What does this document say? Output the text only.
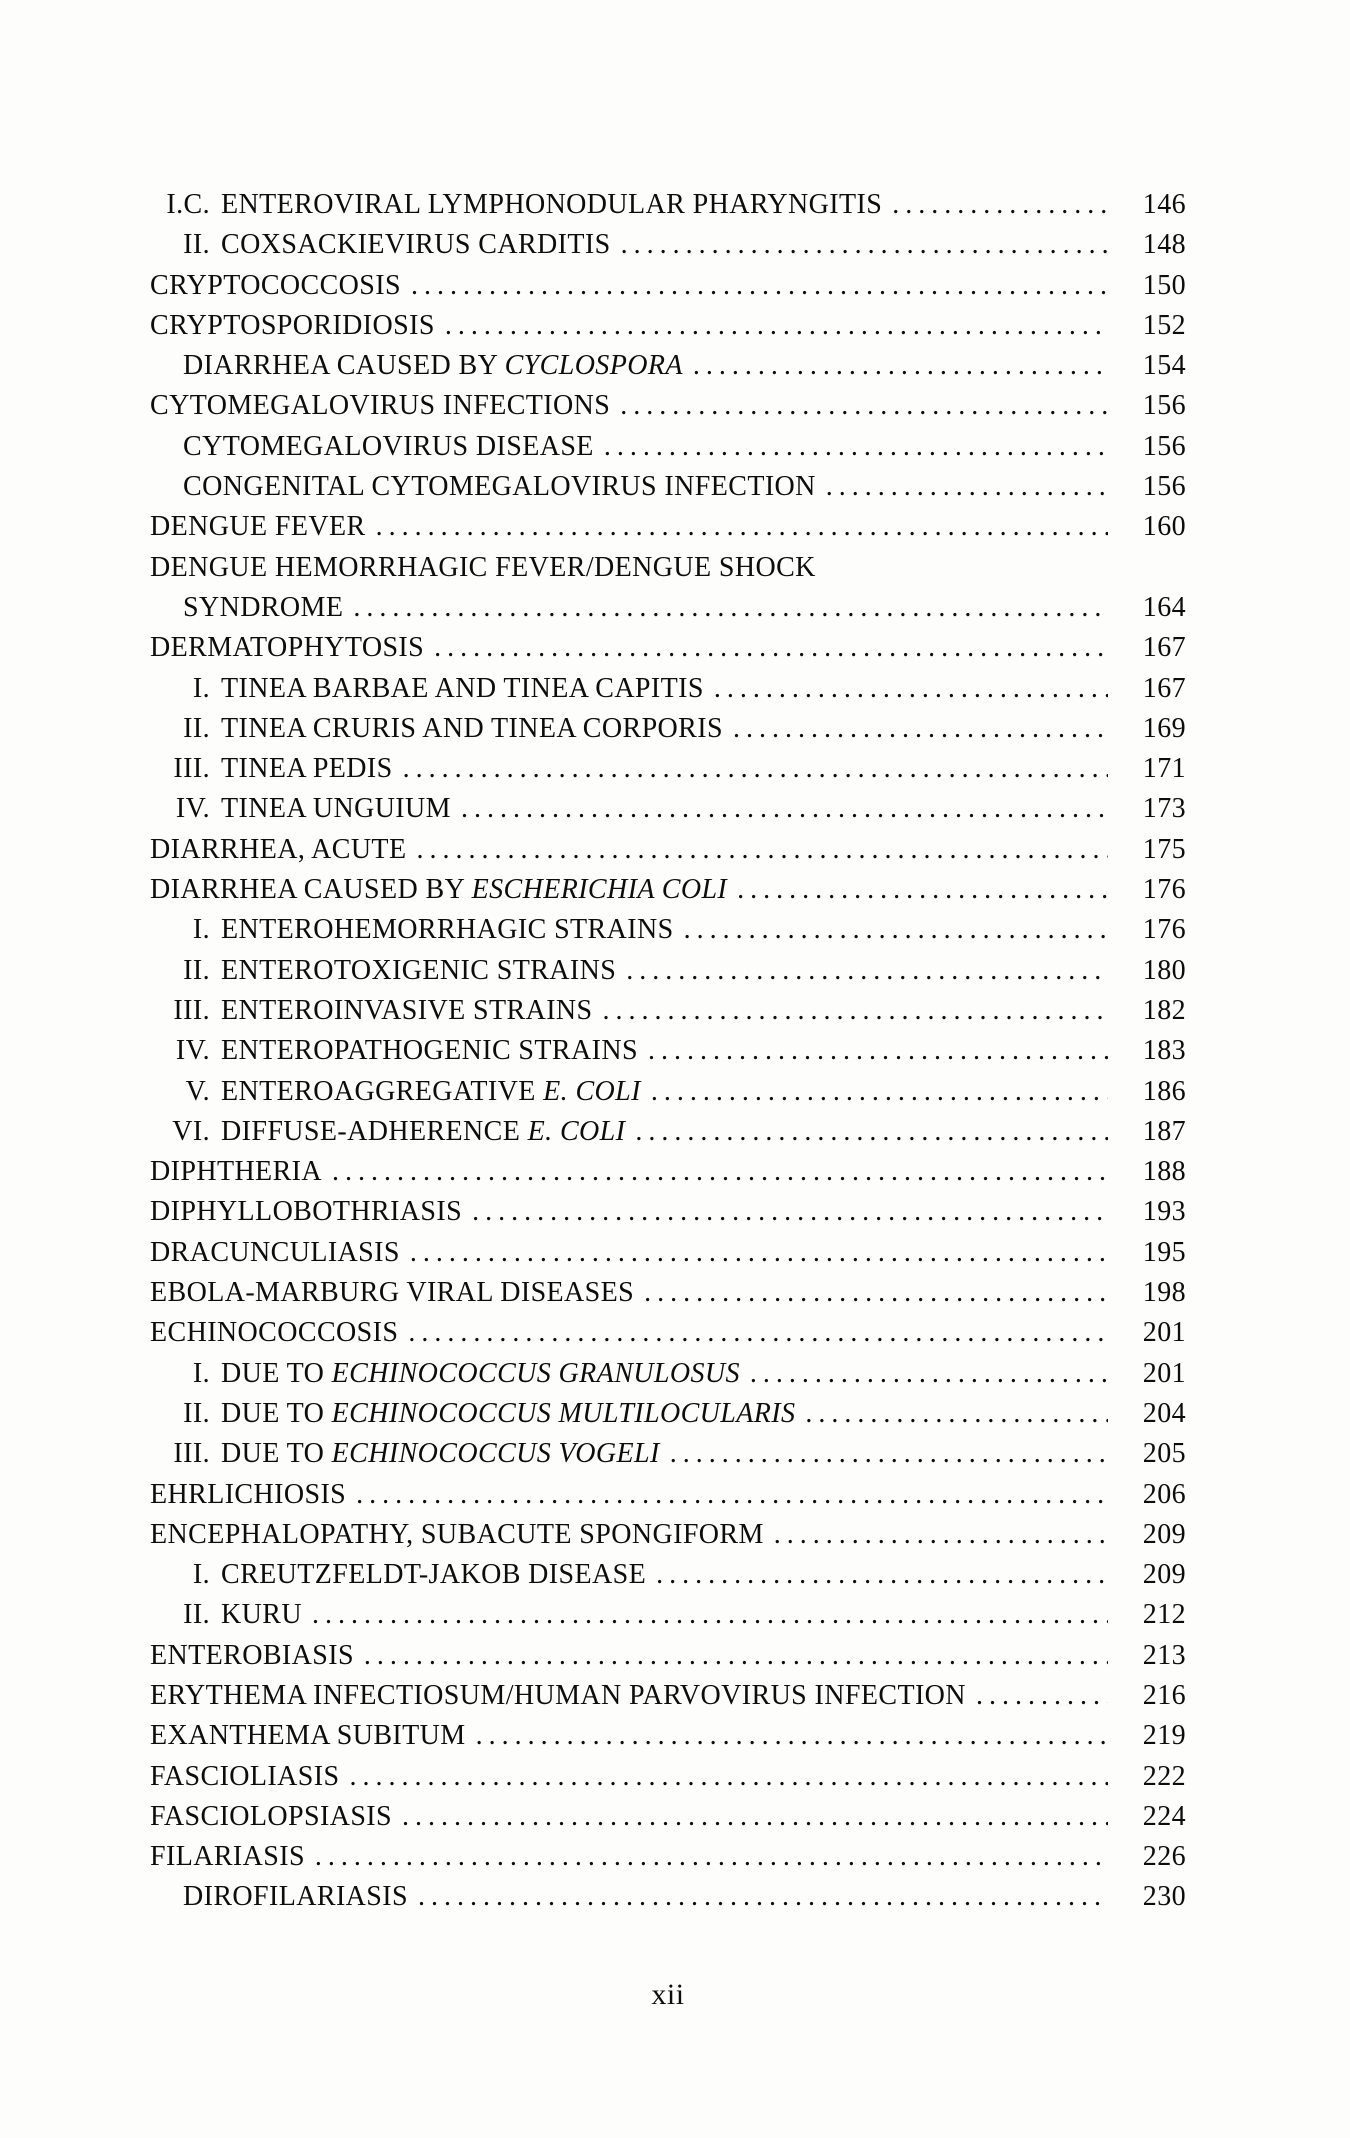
I.C. ENTEROVIRAL LYMPHONODULAR PHARYNGITIS .....	146
II. COXSACKIEVIRUS CARDITIS .....	148
CRYPTOCOCCOSIS .....	150
CRYPTOSPORIDIOSIS .....	152
DIARRHEA CAUSED BY CYCLOSPORA .....	154
CYTOMEGALOVIRUS INFECTIONS .....	156
CYTOMEGALOVIRUS DISEASE .....	156
CONGENITAL CYTOMEGALOVIRUS INFECTION .....	156
DENGUE FEVER .....	160
DENGUE HEMORRHAGIC FEVER/DENGUE SHOCK
SYNDROME .....	164
DERMATOPHYTOSIS .....	167
I. TINEA BARBAE AND TINEA CAPITIS .....	167
II. TINEA CRURIS AND TINEA CORPORIS .....	169
III. TINEA PEDIS .....	171
IV. TINEA UNGUIUM .....	173
DIARRHEA, ACUTE .....	175
DIARRHEA CAUSED BY ESCHERICHIA COLI .....	176
I. ENTEROHEMORRHAGIC STRAINS .....	176
II. ENTEROTOXIGENIC STRAINS .....	180
III. ENTEROINVASIVE STRAINS .....	182
IV. ENTEROPATHOGENIC STRAINS .....	183
V. ENTEROAGGREGATIVE E. COLI .....	186
VI. DIFFUSE-ADHERENCE E. COLI .....	187
DIPHTHERIA .....	188
DIPHYLLOBOTHRIASIS .....	193
DRACUNCULIASIS .....	195
EBOLA-MARBURG VIRAL DISEASES .....	198
ECHINOCOCCOSIS .....	201
I. DUE TO ECHINOCOCCUS GRANULOSUS .....	201
II. DUE TO ECHINOCOCCUS MULTILOCULARIS .....	204
III. DUE TO ECHINOCOCCUS VOGELI .....	205
EHRLICHIOSIS .....	206
ENCEPHALOPATHY, SUBACUTE SPONGIFORM .....	209
I. CREUTZFELDT-JAKOB DISEASE .....	209
II. KURU .....	212
ENTEROBIASIS .....	213
ERYTHEMA INFECTIOSUM/HUMAN PARVOVIRUS INFECTION .....	216
EXANTHEMA SUBITUM .....	219
FASCIOLIASIS .....	222
FASCIOLOPSIASIS .....	224
FILARIASIS .....	226
DIROFILARIASIS .....	230
xii
